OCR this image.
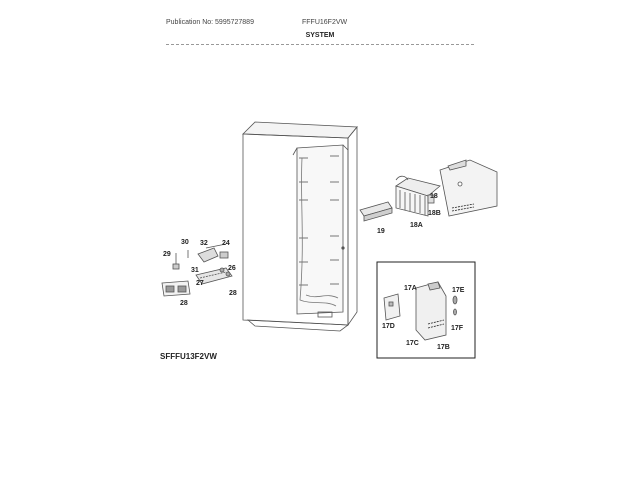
Publication No: 5995727889	FFFU16F2VW
SYSTEM
18
18A
18B
19
24
26
27
28
28
29
30
31
32
17A
17B
17C
17D
17E
17F
SFFFU13F2VW
